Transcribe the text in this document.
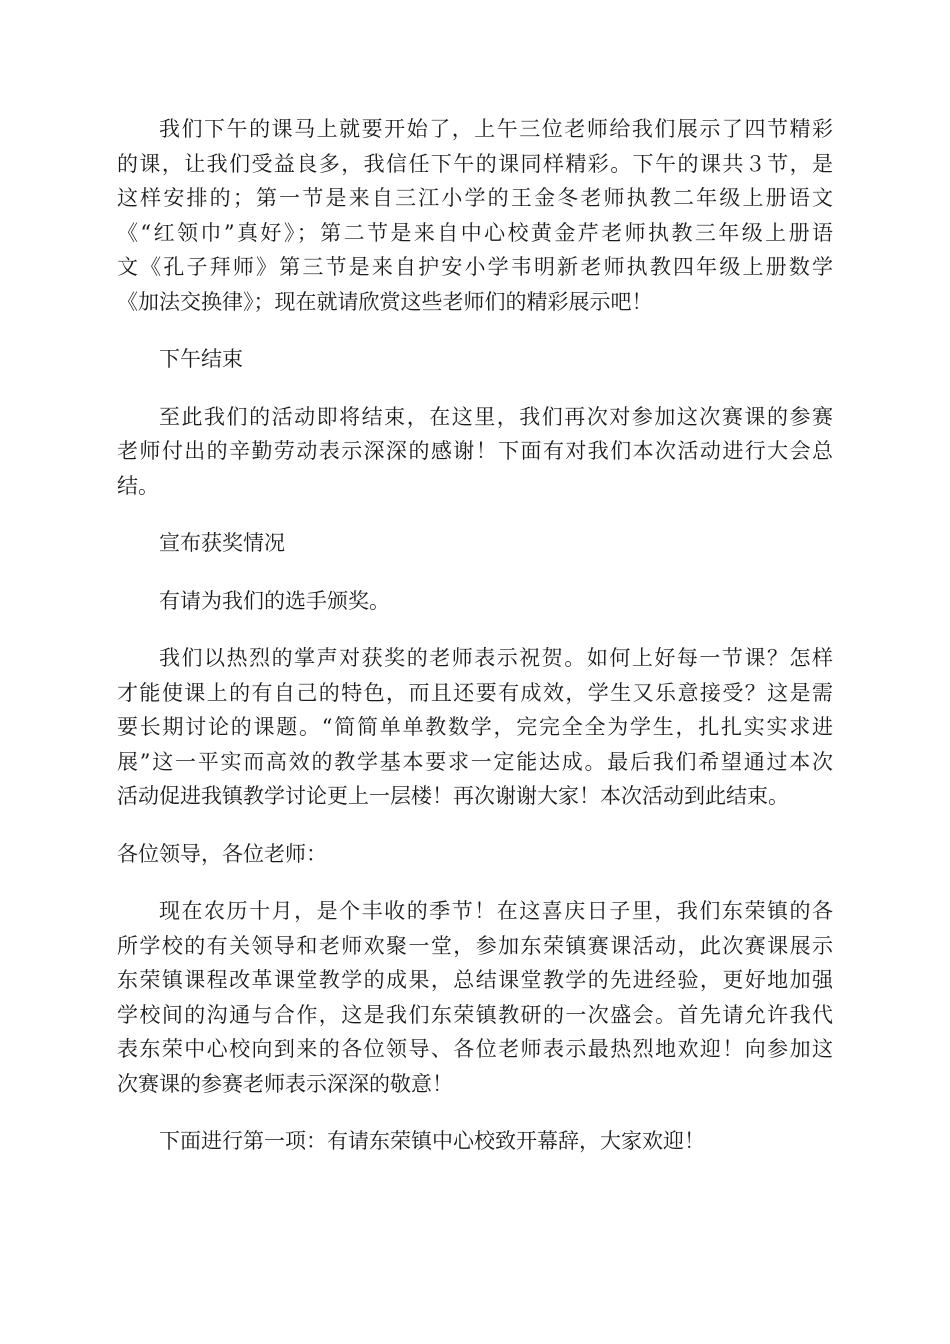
我们下午的课马上就要开始了，上午三位老师给我们展示了四节精彩
的课，让我们受益良多，我信任下午的课同样精彩。下午的课共３节，是
这样安排的；第一节是来自三江小学的王金冬老师执教二年级上册语文
《“红领巾”真好》；第二节是来自中心校黄金芹老师执教三年级上册语
文《孔子拜师》第三节是来自护安小学韦明新老师执教四年级上册数学
《加法交换律》；现在就请欣赏这些老师们的精彩展示吧！

下午结束

至此我们的活动即将结束，在这里，我们再次对参加这次赛课的参赛
老师付出的辛勤劳动表示深深的感谢！下面有对我们本次活动进行大会总
结。

宣布获奖情况

有请为我们的选手颁奖。

我们以热烈的掌声对获奖的老师表示祝贺。如何上好每一节课？怎样
才能使课上的有自己的特色，而且还要有成效，学生又乐意接受？这是需
要长期讨论的课题。“简简单单教数学，完完全全为学生，扎扎实实求进
展”这一平实而高效的教学基本要求一定能达成。最后我们希望通过本次
活动促进我镇教学讨论更上一层楼！再次谢谢大家！本次活动到此结束。

各位领导，各位老师：

现在农历十月，是个丰收的季节！在这喜庆日子里，我们东荣镇的各
所学校的有关领导和老师欢聚一堂，参加东荣镇赛课活动，此次赛课展示
东荣镇课程改革课堂教学的成果，总结课堂教学的先进经验，更好地加强
学校间的沟通与合作，这是我们东荣镇教研的一次盛会。首先请允许我代
表东荣中心校向到来的各位领导、各位老师表示最热烈地欢迎！向参加这
次赛课的参赛老师表示深深的敬意！

下面进行第一项：有请东荣镇中心校致开幕辞，大家欢迎！
